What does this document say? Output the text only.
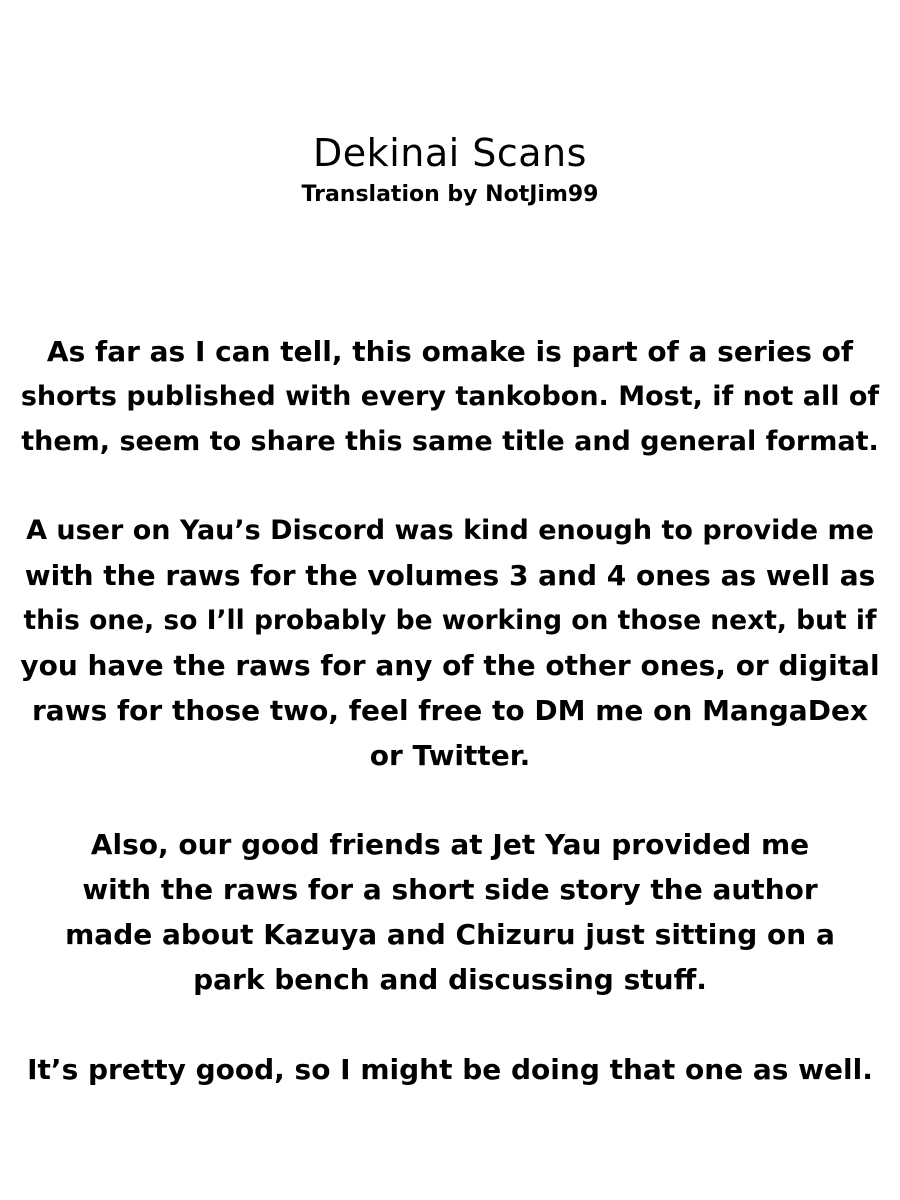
Dekinai Scans
Translation by NotJim99
As far as I can tell, this omake is part of a series of
shorts published with every tankobon. Most, if not all of
them, seem to share this same title and general format.
A user on Yau’s Discord was kind enough to provide me
with the raws for the volumes 3 and 4 ones as well as
this one, so I’ll probably be working on those next, but if
you have the raws for any of the other ones, or digital
raws for those two, feel free to DM me on MangaDex
or Twitter.
Also, our good friends at Jet Yau provided me
with the raws for a short side story the author
made about Kazuya and Chizuru just sitting on a
park bench and discussing stuff.
It’s pretty good, so I might be doing that one as well.
